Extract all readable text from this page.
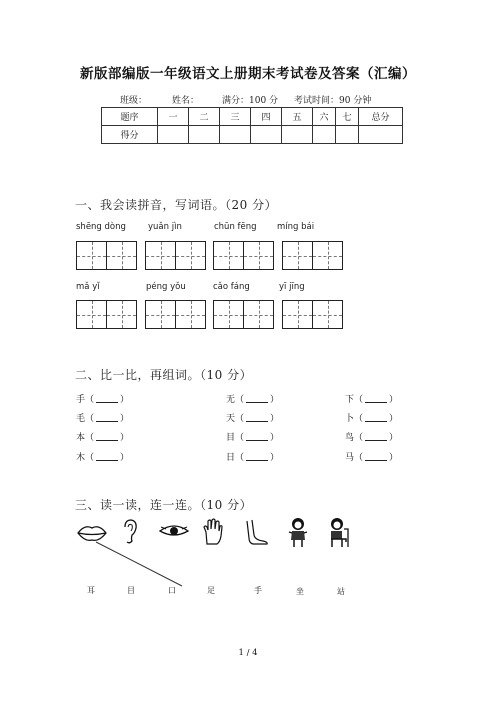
新版部编版一年级语文上册期末考试卷及答案（汇编）
班级：	姓名：	满分：100 分 考试时间：90 分钟
题序	一	二	三	四	五	六	七	总分
得分								
一、我会读拼音，写词语。（20 分）
shēng dòng	yuǎn jìn	chūn fēng míng bái
mǎ yǐ	péng yǒu	cǎo fáng	yī jīng
二、比一比，再组词。（10 分）
手（	）	无（	）	下（	）
毛（	）	天（	）	卜（	）
本（	）	目（	）	鸟（	）
木（	）	日（	）	马（	）
三、读一读，连一连。（10 分）
耳	目	口	足	手	坐	站
1 / 4
